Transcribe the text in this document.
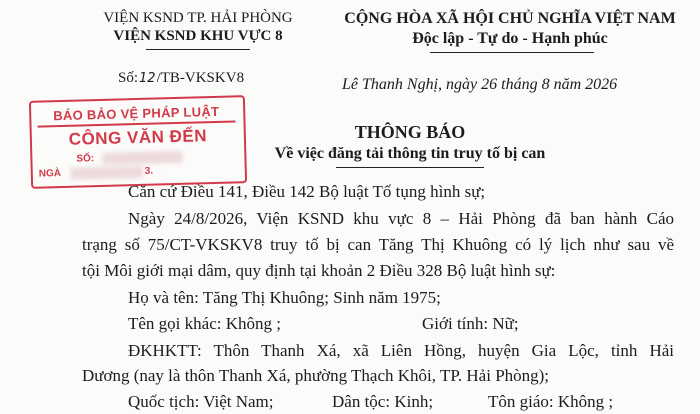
VIỆN KSND TP. HẢI PHÒNG
VIỆN KSND KHU VỰC 8
Số:12/TB-VKSKV8
CỘNG HÒA XÃ HỘI CHỦ NGHĨA VIỆT NAM
Độc lập - Tự do - Hạnh phúc
Lê Thanh Nghị, ngày 26 tháng 8 năm 2026
BÁO BẢO VỆ PHÁP LUẬT
CÔNG VĂN ĐẾN
SỐ:
NGÀ	3.
THÔNG BÁO
Về việc đăng tải thông tin truy tố bị can
Căn cứ Điều 141, Điều 142 Bộ luật Tố tụng hình sự;
Ngày 24/8/2026, Viện KSND khu vực 8 – Hải Phòng đã ban hành Cáo
trạng số 75/CT-VKSKV8 truy tố bị can Tăng Thị Khuông có lý lịch như sau về
tội Môi giới mại dâm, quy định tại khoản 2 Điều 328 Bộ luật hình sự:
Họ và tên: Tăng Thị Khuông; Sinh năm 1975;
Tên gọi khác: Không ;	Giới tính: Nữ;
ĐKHKTT: Thôn Thanh Xá, xã Liên Hồng, huyện Gia Lộc, tỉnh Hải
Dương (nay là thôn Thanh Xá, phường Thạch Khôi, TP. Hải Phòng);
Quốc tịch: Việt Nam;	Dân tộc: Kinh;	Tôn giáo: Không ;
